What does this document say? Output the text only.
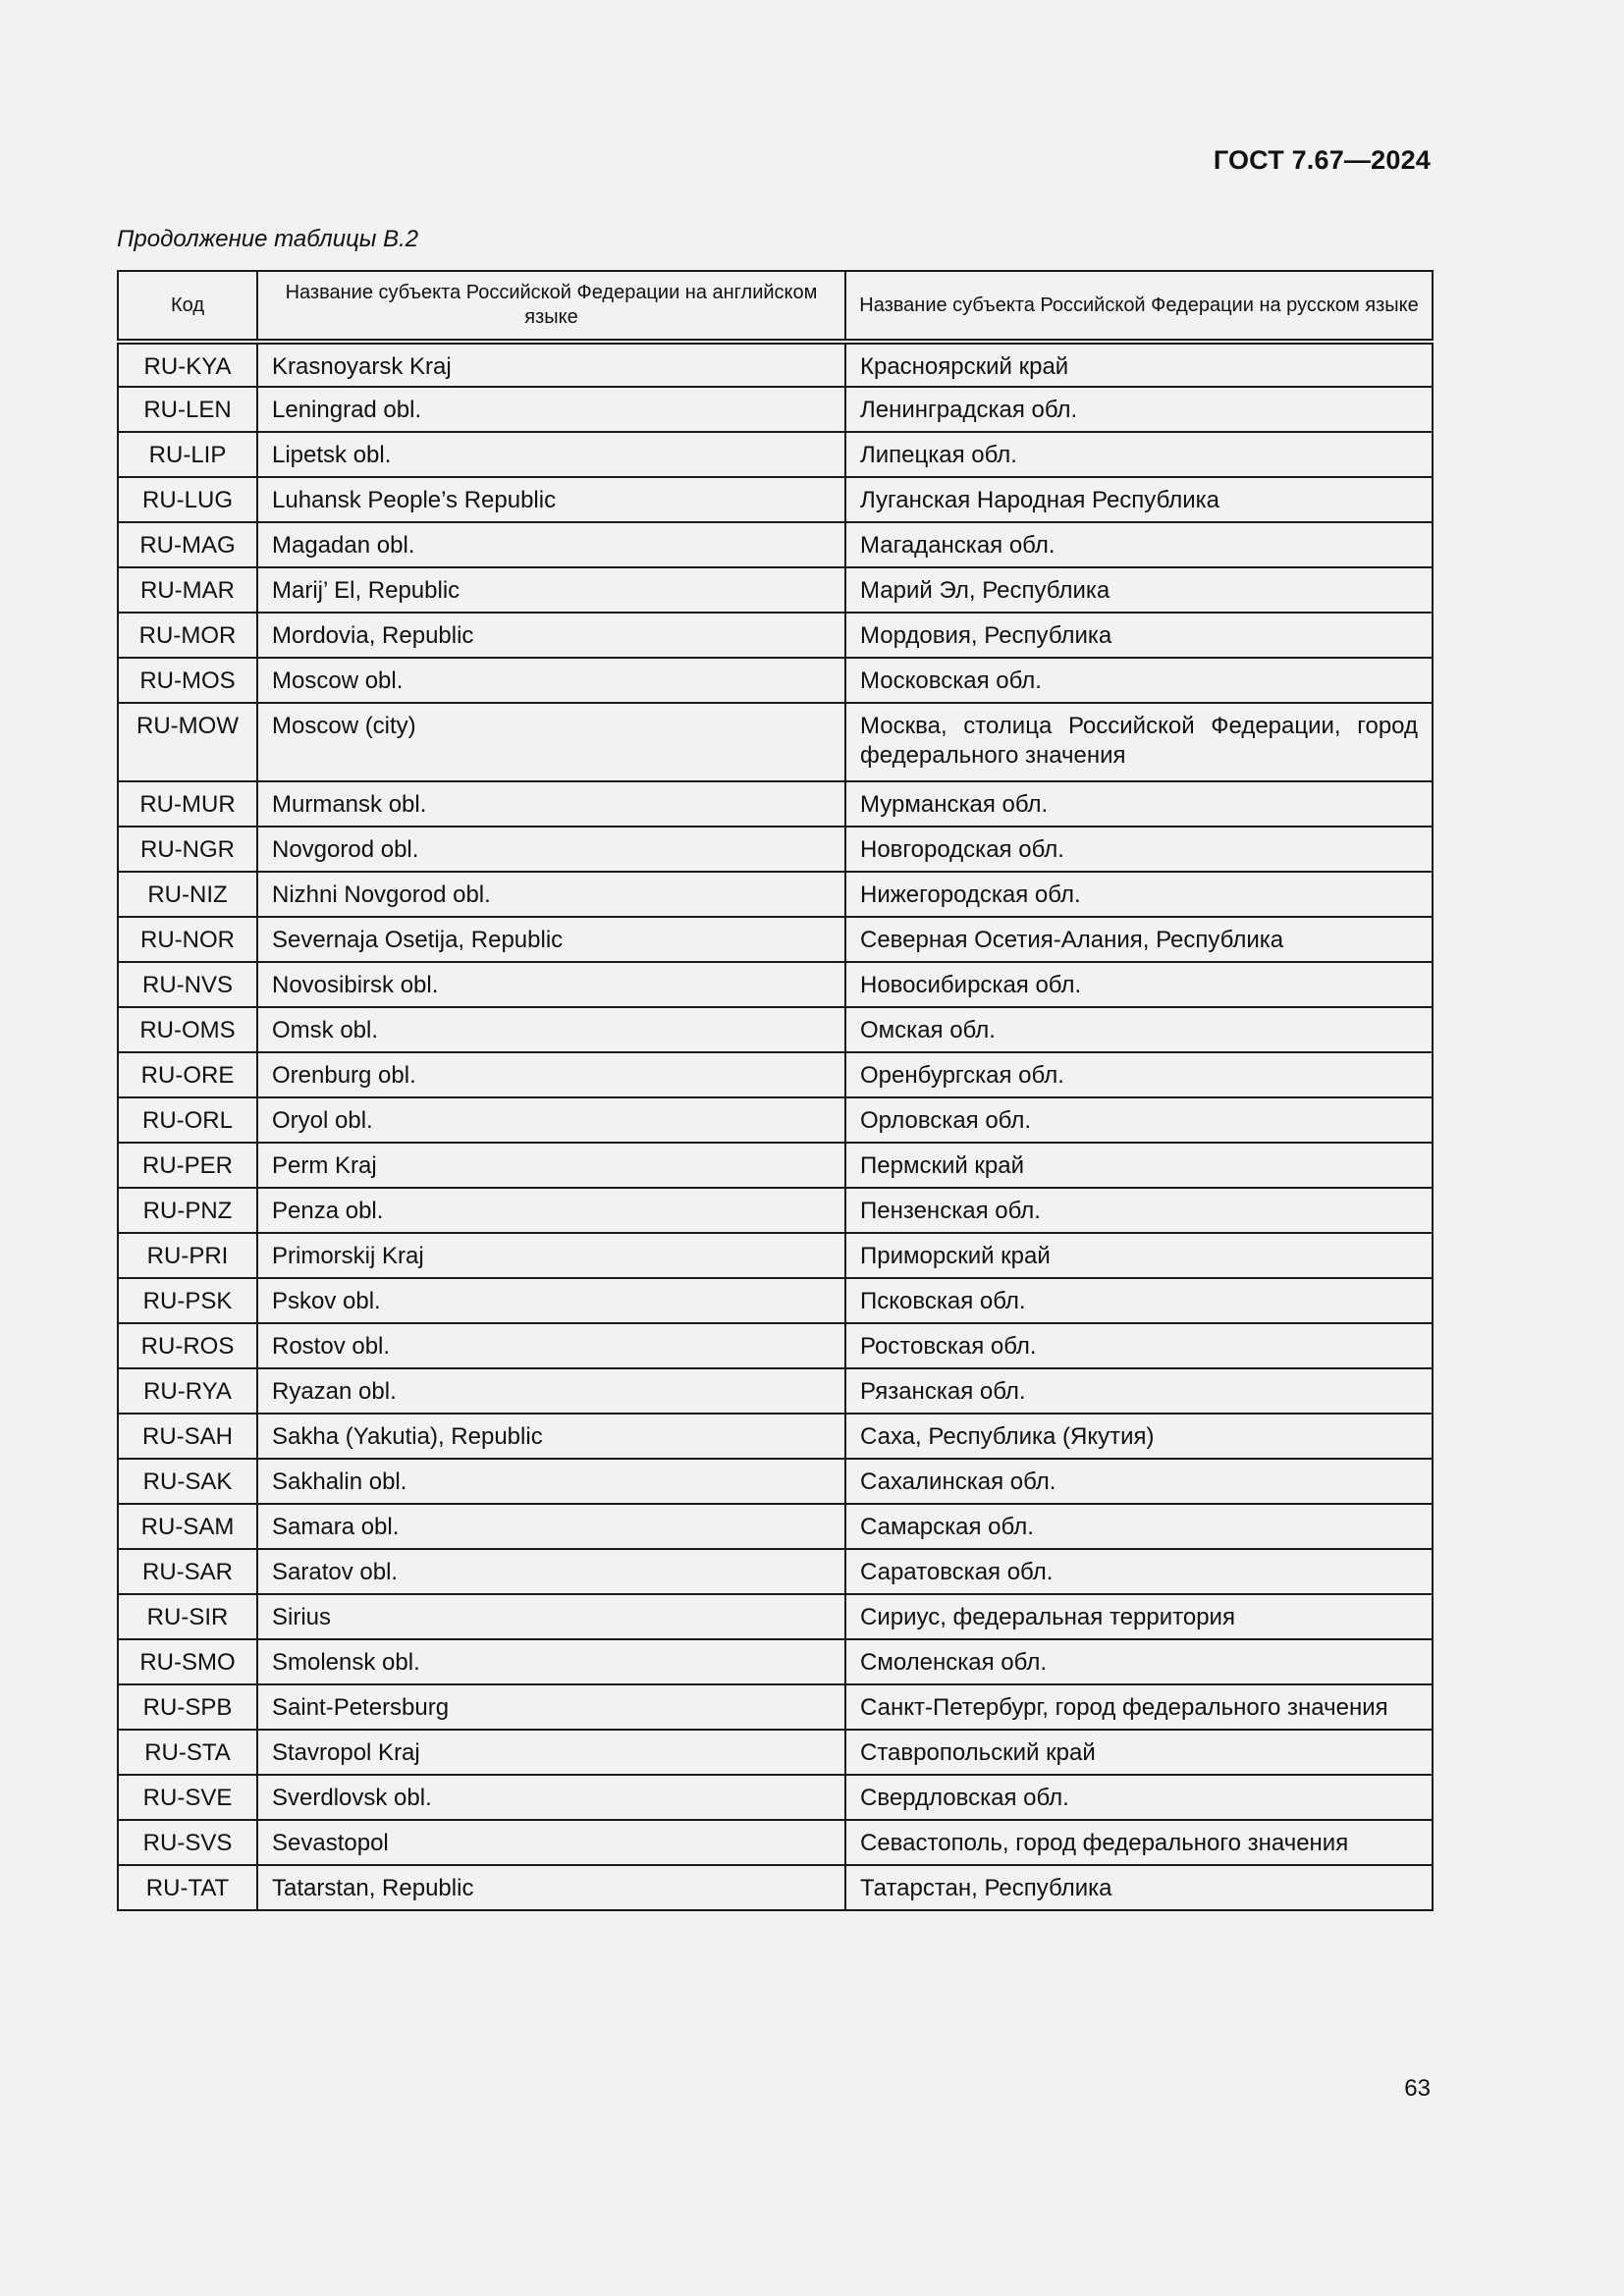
ГОСТ 7.67—2024
Продолжение таблицы В.2
Код	Название субъекта Российской Федерации на английском языке	Название субъекта Российской Федерации на русском языке
RU-KYA	Krasnoyarsk Kraj	Красноярский край
RU-LEN	Leningrad obl.	Ленинградская обл.
RU-LIP	Lipetsk obl.	Липецкая обл.
RU-LUG	Luhansk People’s Republic	Луганская Народная Республика
RU-MAG	Magadan obl.	Магаданская обл.
RU-MAR	Marij’ El, Republic	Марий Эл, Республика
RU-MOR	Mordovia, Republic	Мордовия, Республика
RU-MOS	Moscow obl.	Московская обл.
RU-MOW	Moscow (city)	Москва, столица Российской Федерации, город федерального значения
RU-MUR	Murmansk obl.	Мурманская обл.
RU-NGR	Novgorod obl.	Новгородская обл.
RU-NIZ	Nizhni Novgorod obl.	Нижегородская обл.
RU-NOR	Severnaja Osetija, Republic	Северная Осетия-Алания, Республика
RU-NVS	Novosibirsk obl.	Новосибирская обл.
RU-OMS	Omsk obl.	Омская обл.
RU-ORE	Orenburg obl.	Оренбургская обл.
RU-ORL	Oryol obl.	Орловская обл.
RU-PER	Perm Kraj	Пермский край
RU-PNZ	Penza obl.	Пензенская обл.
RU-PRI	Primorskij Kraj	Приморский край
RU-PSK	Pskov obl.	Псковская обл.
RU-ROS	Rostov obl.	Ростовская обл.
RU-RYA	Ryazan obl.	Рязанская обл.
RU-SAH	Sakha (Yakutia), Republic	Саха, Республика (Якутия)
RU-SAK	Sakhalin obl.	Сахалинская обл.
RU-SAM	Samara obl.	Самарская обл.
RU-SAR	Saratov obl.	Саратовская обл.
RU-SIR	Sirius	Сириус, федеральная территория
RU-SMO	Smolensk obl.	Смоленская обл.
RU-SPB	Saint-Petersburg	Санкт-Петербург, город федерального значения
RU-STA	Stavropol Kraj	Ставропольский край
RU-SVE	Sverdlovsk obl.	Свердловская обл.
RU-SVS	Sevastopol	Севастополь, город федерального значения
RU-TAT	Tatarstan, Republic	Татарстан, Республика
63
